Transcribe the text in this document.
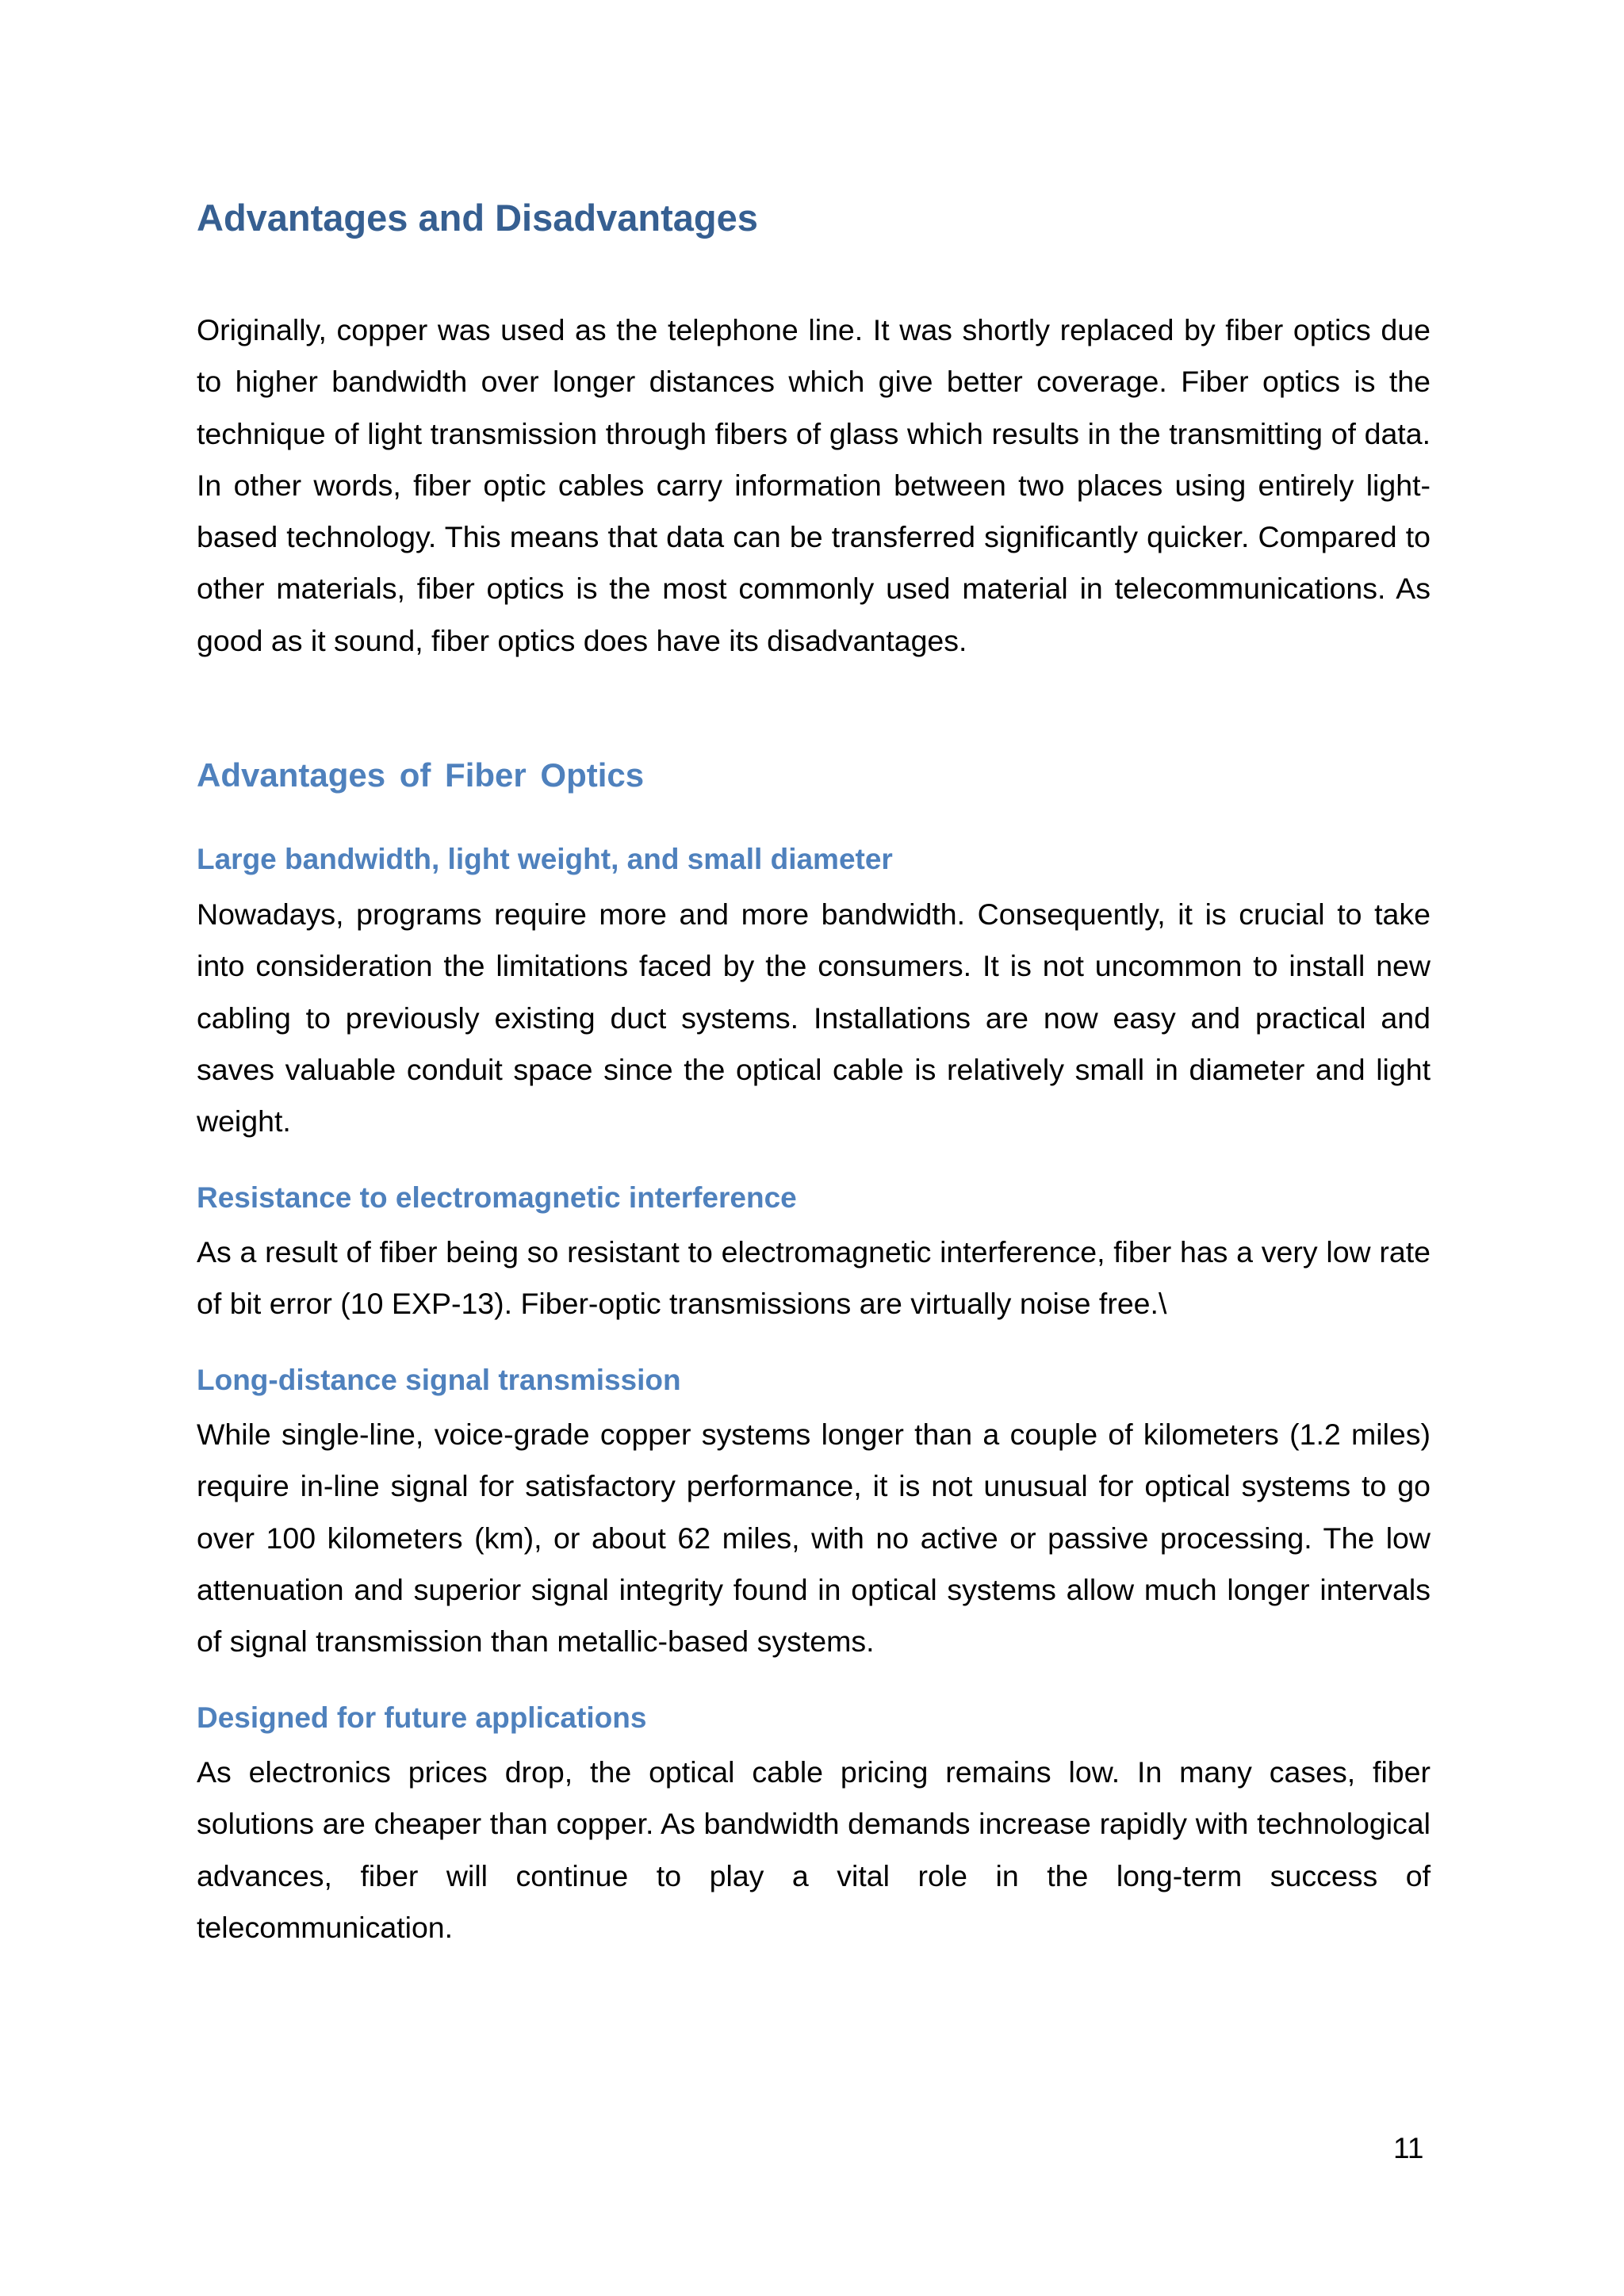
Advantages and Disadvantages

Originally, copper was used as the telephone line. It was shortly replaced by fiber optics due to higher bandwidth over longer distances which give better coverage. Fiber optics is the technique of light transmission through fibers of glass which results in the transmitting of data. In other words, fiber optic cables carry information between two places using entirely light-based technology. This means that data can be transferred significantly quicker. Compared to other materials, fiber optics is the most commonly used material in telecommunications. As good as it sound, fiber optics does have its disadvantages.

Advantages of Fiber Optics
Large bandwidth, light weight, and small diameter

Nowadays, programs require more and more bandwidth. Consequently, it is crucial to take into consideration the limitations faced by the consumers. It is not uncommon to install new cabling to previously existing duct systems. Installations are now easy and practical and saves valuable conduit space since the optical cable is relatively small in diameter and light weight.

Resistance to electromagnetic interference

As a result of fiber being so resistant to electromagnetic interference, fiber has a very low rate of bit error (10 EXP-13). Fiber-optic transmissions are virtually noise free.\

Long-distance signal transmission

While single-line, voice-grade copper systems longer than a couple of kilometers (1.2 miles) require in-line signal for satisfactory performance, it is not unusual for optical systems to go over 100 kilometers (km), or about 62 miles, with no active or passive processing. The low attenuation and superior signal integrity found in optical systems allow much longer intervals of signal transmission than metallic-based systems.

Designed for future applications

As electronics prices drop, the optical cable pricing remains low. In many cases, fiber solutions are cheaper than copper. As bandwidth demands increase rapidly with technological advances, fiber will continue to play a vital role in the long-term success of telecommunication.

11
